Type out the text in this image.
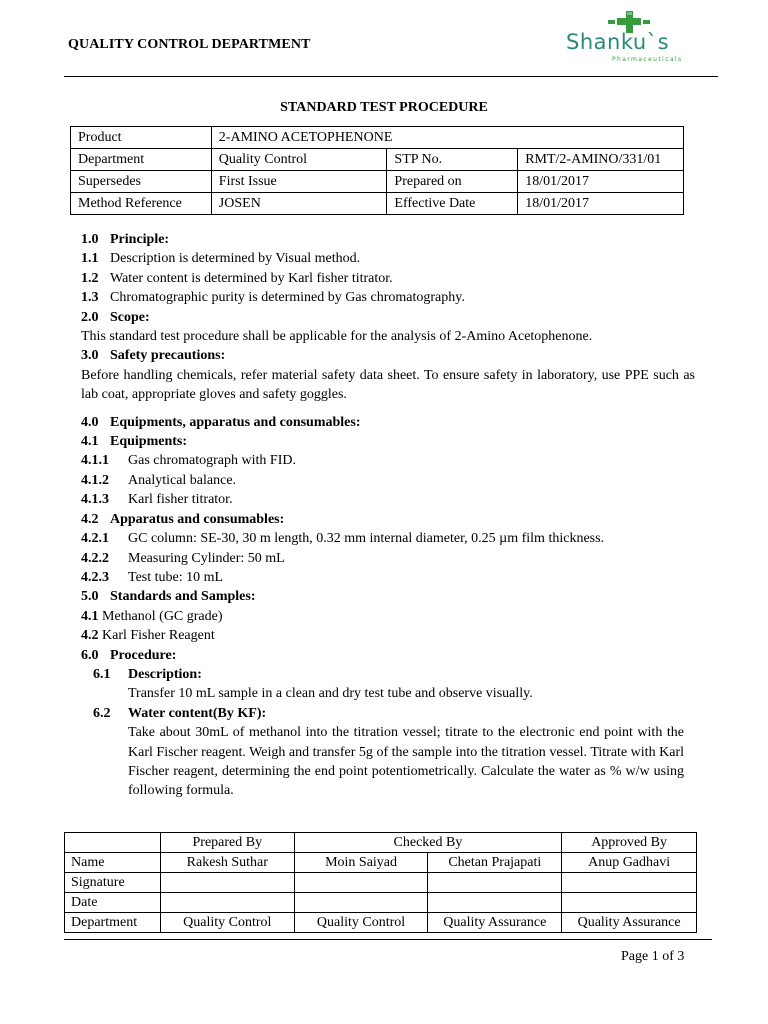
QUALITY CONTROL DEPARTMENT	Shanku`s
Pharmaceuticals
STANDARD TEST PROCEDURE
Product	2-AMINO ACETOPHENONE		
Department	Quality Control	STP No.	RMT/2-AMINO/331/01
Supersedes	First Issue	Prepared on	18/01/2017
Method Reference	JOSEN	Effective Date	18/01/2017
1.0 Principle:
1.1 Description is determined by Visual method.
1.2 Water content is determined by Karl fisher titrator.
1.3 Chromatographic purity is determined by Gas chromatography.
2.0 Scope:
This standard test procedure shall be applicable for the analysis of 2-Amino Acetophenone.
3.0 Safety precautions:
Before handling chemicals, refer material safety data sheet. To ensure safety in laboratory, use PPE such as lab coat, appropriate gloves and safety goggles.
4.0 Equipments, apparatus and consumables:
4.1 Equipments:
4.1.1 Gas chromatograph with FID.
4.1.2 Analytical balance.
4.1.3 Karl fisher titrator.
4.2 Apparatus and consumables:
4.2.1 GC column: SE-30, 30 m length, 0.32 mm internal diameter, 0.25 µm film thickness.
4.2.2 Measuring Cylinder: 50 mL
4.2.3 Test tube: 10 mL
5.0 Standards and Samples:
4.1 Methanol (GC grade)
4.2 Karl Fisher Reagent
6.0 Procedure:
6.1 Description:
Transfer 10 mL sample in a clean and dry test tube and observe visually.
6.2 Water content(By KF):
Take about 30mL of methanol into the titration vessel; titrate to the electronic end point with the Karl Fischer reagent. Weigh and transfer 5g of the sample into the titration vessel. Titrate with Karl Fischer reagent, determining the end point potentiometrically. Calculate the water as % w/w using following formula.
	Prepared By	Checked By		Approved By
Name	Rakesh Suthar	Moin Saiyad	Chetan Prajapati	Anup Gadhavi
Signature				
Date				
Department	Quality Control	Quality Control	Quality Assurance	Quality Assurance
Page 1 of 3
